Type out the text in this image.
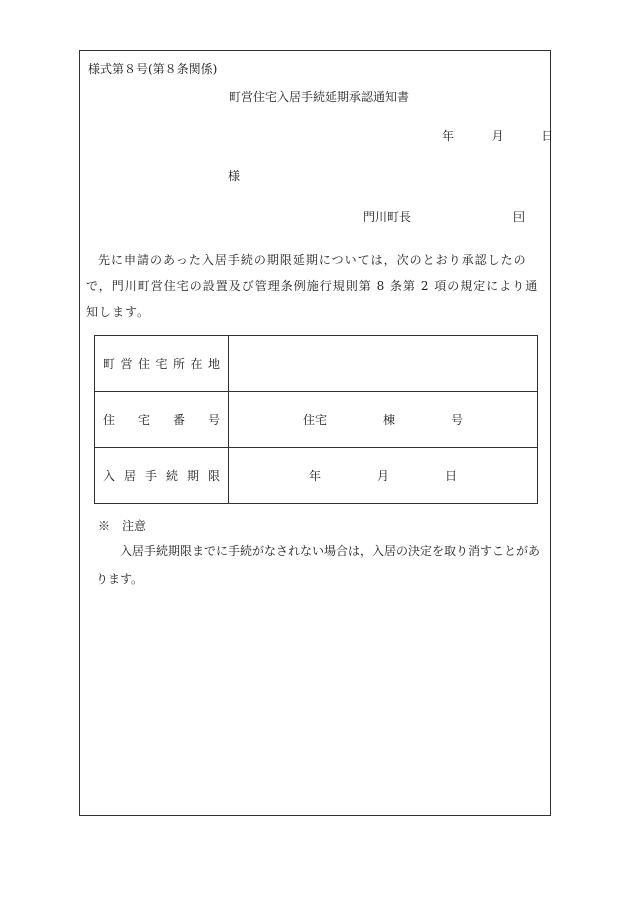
様式第８号(第８条関係)
町営住宅入居手続延期承認通知書
年	月	日
様
門川町長	囙

先に申請のあった入居手続の期限延期については，次のとおり承認したので，門川町営住宅の設置及び管理条例施行規則第 8 条第 2 項の規定により通知します。

町営住宅所在地	
住　宅　番　号	住宅 棟 号

入居手続期限	年 月 日
※　注意

入居手続期限までに手続がなされない場合は，入居の決定を取り消すことがあります。
